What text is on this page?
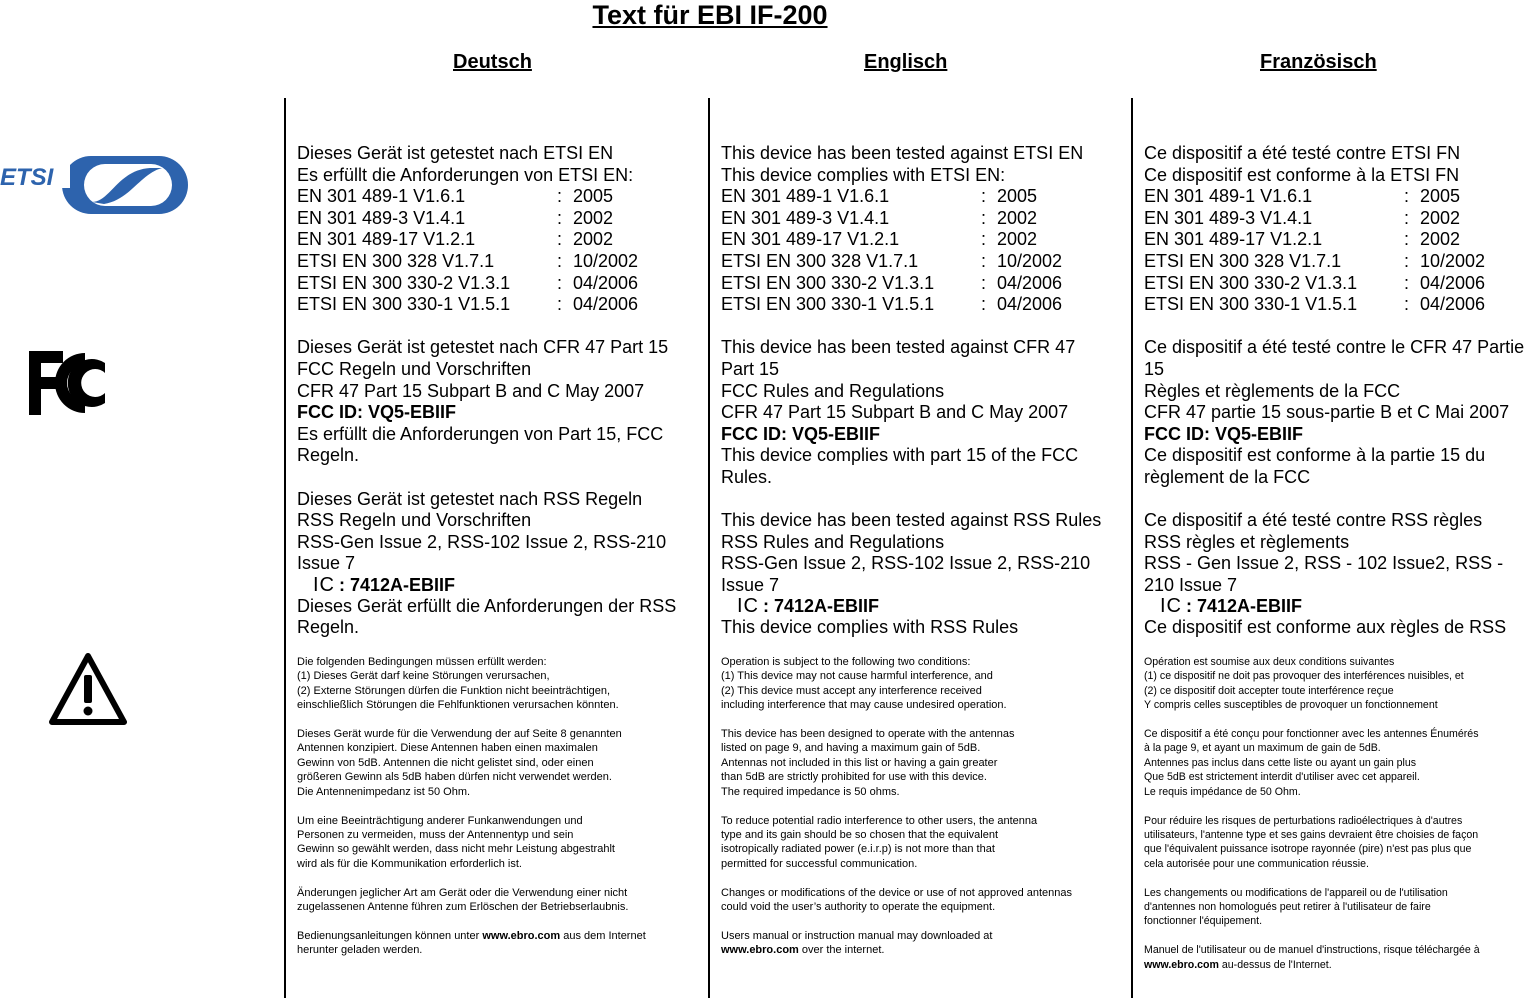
Text für EBI IF-200
Deutsch	Englisch	Französisch
ETSI
Dieses Gerät ist getestet nach ETSI EN
Es erfüllt die Anforderungen von ETSI EN:
EN 301 489-1 V1.6.1	: 2005
EN 301 489-3 V1.4.1	: 2002
EN 301 489-17 V1.2.1	: 2002
ETSI EN 300 328 V1.7.1	: 10/2002
ETSI EN 300 330-2 V1.3.1	: 04/2006
ETSI EN 300 330-1 V1.5.1	: 04/2006
Dieses Gerät ist getestet nach CFR 47 Part 15
FCC Regeln und Vorschriften
CFR 47 Part 15 Subpart B and C May 2007
FCC ID: VQ5-EBIIF
Es erfüllt die Anforderungen von Part 15, FCC
Regeln.
Dieses Gerät ist getestet nach RSS Regeln
RSS Regeln und Vorschriften
RSS-Gen Issue 2, RSS-102 Issue 2, RSS-210
Issue 7
IC : 7412A-EBIIF
Dieses Gerät erfüllt die Anforderungen der RSS
Regeln.

Die folgenden Bedingungen müssen erfüllt werden:
(1) Dieses Gerät darf keine Störungen verursachen,
(2) Externe Störungen dürfen die Funktion nicht beeinträchtigen,
einschließlich Störungen die Fehlfunktionen verursachen könnten.

Dieses Gerät wurde für die Verwendung der auf Seite 8 genannten
Antennen konzipiert. Diese Antennen haben einen maximalen
Gewinn von 5dB. Antennen die nicht gelistet sind, oder einen
größeren Gewinn als 5dB haben dürfen nicht verwendet werden.
Die Antennenimpedanz ist 50 Ohm.

Um eine Beeinträchtigung anderer Funkanwendungen und
Personen zu vermeiden, muss der Antennentyp und sein
Gewinn so gewählt werden, dass nicht mehr Leistung abgestrahlt
wird als für die Kommunikation erforderlich ist.

Änderungen jeglicher Art am Gerät oder die Verwendung einer nicht
zugelassenen Antenne führen zum Erlöschen der Betriebserlaubnis.

Bedienungsanleitungen können unter www.ebro.com aus dem Internet
herunter geladen werden.

This device has been tested against ETSI EN
This device complies with ETSI EN:
EN 301 489-1 V1.6.1	: 2005
EN 301 489-3 V1.4.1	: 2002
EN 301 489-17 V1.2.1	: 2002
ETSI EN 300 328 V1.7.1	: 10/2002
ETSI EN 300 330-2 V1.3.1	: 04/2006
ETSI EN 300 330-1 V1.5.1	: 04/2006
This device has been tested against CFR 47
Part 15
FCC Rules and Regulations
CFR 47 Part 15 Subpart B and C May 2007
FCC ID: VQ5-EBIIF
This device complies with part 15 of the FCC
Rules.
This device has been tested against RSS Rules
RSS Rules and Regulations
RSS-Gen Issue 2, RSS-102 Issue 2, RSS-210
Issue 7
IC : 7412A-EBIIF
This device complies with RSS Rules

Operation is subject to the following two conditions:
(1) This device may not cause harmful interference, and
(2) This device must accept any interference received
including interference that may cause undesired operation.

This device has been designed to operate with the antennas
listed on page 9, and having a maximum gain of 5dB.
Antennas not included in this list or having a gain greater
than 5dB are strictly prohibited for use with this device.
The required impedance is 50 ohms.

To reduce potential radio interference to other users, the antenna
type and its gain should be so chosen that the equivalent
isotropically radiated power (e.i.r.p) is not more than that
permitted for successful communication.

Changes or modifications of the device or use of not approved antennas
could void the user’s authority to operate the equipment.

Users manual or instruction manual may downloaded at
www.ebro.com over the internet.

Ce dispositif a été testé contre ETSI FN
Ce dispositif est conforme à la ETSI FN
EN 301 489-1 V1.6.1	: 2005
EN 301 489-3 V1.4.1	: 2002
EN 301 489-17 V1.2.1	: 2002
ETSI EN 300 328 V1.7.1	: 10/2002
ETSI EN 300 330-2 V1.3.1	: 04/2006
ETSI EN 300 330-1 V1.5.1	: 04/2006
Ce dispositif a été testé contre le CFR 47 Partie
15
Règles et règlements de la FCC
CFR 47 partie 15 sous-partie B et C Mai 2007
FCC ID: VQ5-EBIIF
Ce dispositif est conforme à la partie 15 du
règlement de la FCC
Ce dispositif a été testé contre RSS règles
RSS règles et règlements
RSS - Gen Issue 2, RSS - 102 Issue2, RSS -
210 Issue 7
IC : 7412A-EBIIF
Ce dispositif est conforme aux règles de RSS

Opération est soumise aux deux conditions suivantes
(1) ce dispositif ne doit pas provoquer des interférences nuisibles, et
(2) ce dispositif doit accepter toute interférence reçue
Y compris celles susceptibles de provoquer un fonctionnement

Ce dispositif a été conçu pour fonctionner avec les antennes Énumérés
à la page 9, et ayant un maximum de gain de 5dB.
Antennes pas inclus dans cette liste ou ayant un gain plus
Que 5dB est strictement interdit d'utiliser avec cet appareil.
Le requis impédance de 50 Ohm.

Pour réduire les risques de perturbations radioélectriques à d'autres
utilisateurs, l'antenne type et ses gains devraient être choisies de façon
que l'équivalent puissance isotrope rayonnée (pire) n'est pas plus que
cela autorisée pour une communication réussie.

Les changements ou modifications de l'appareil ou de l'utilisation
d'antennes non homologués peut retirer à l'utilisateur de faire
fonctionner l'équipement.

Manuel de l'utilisateur ou de manuel d'instructions, risque téléchargée à
www.ebro.com au-dessus de l'Internet.
